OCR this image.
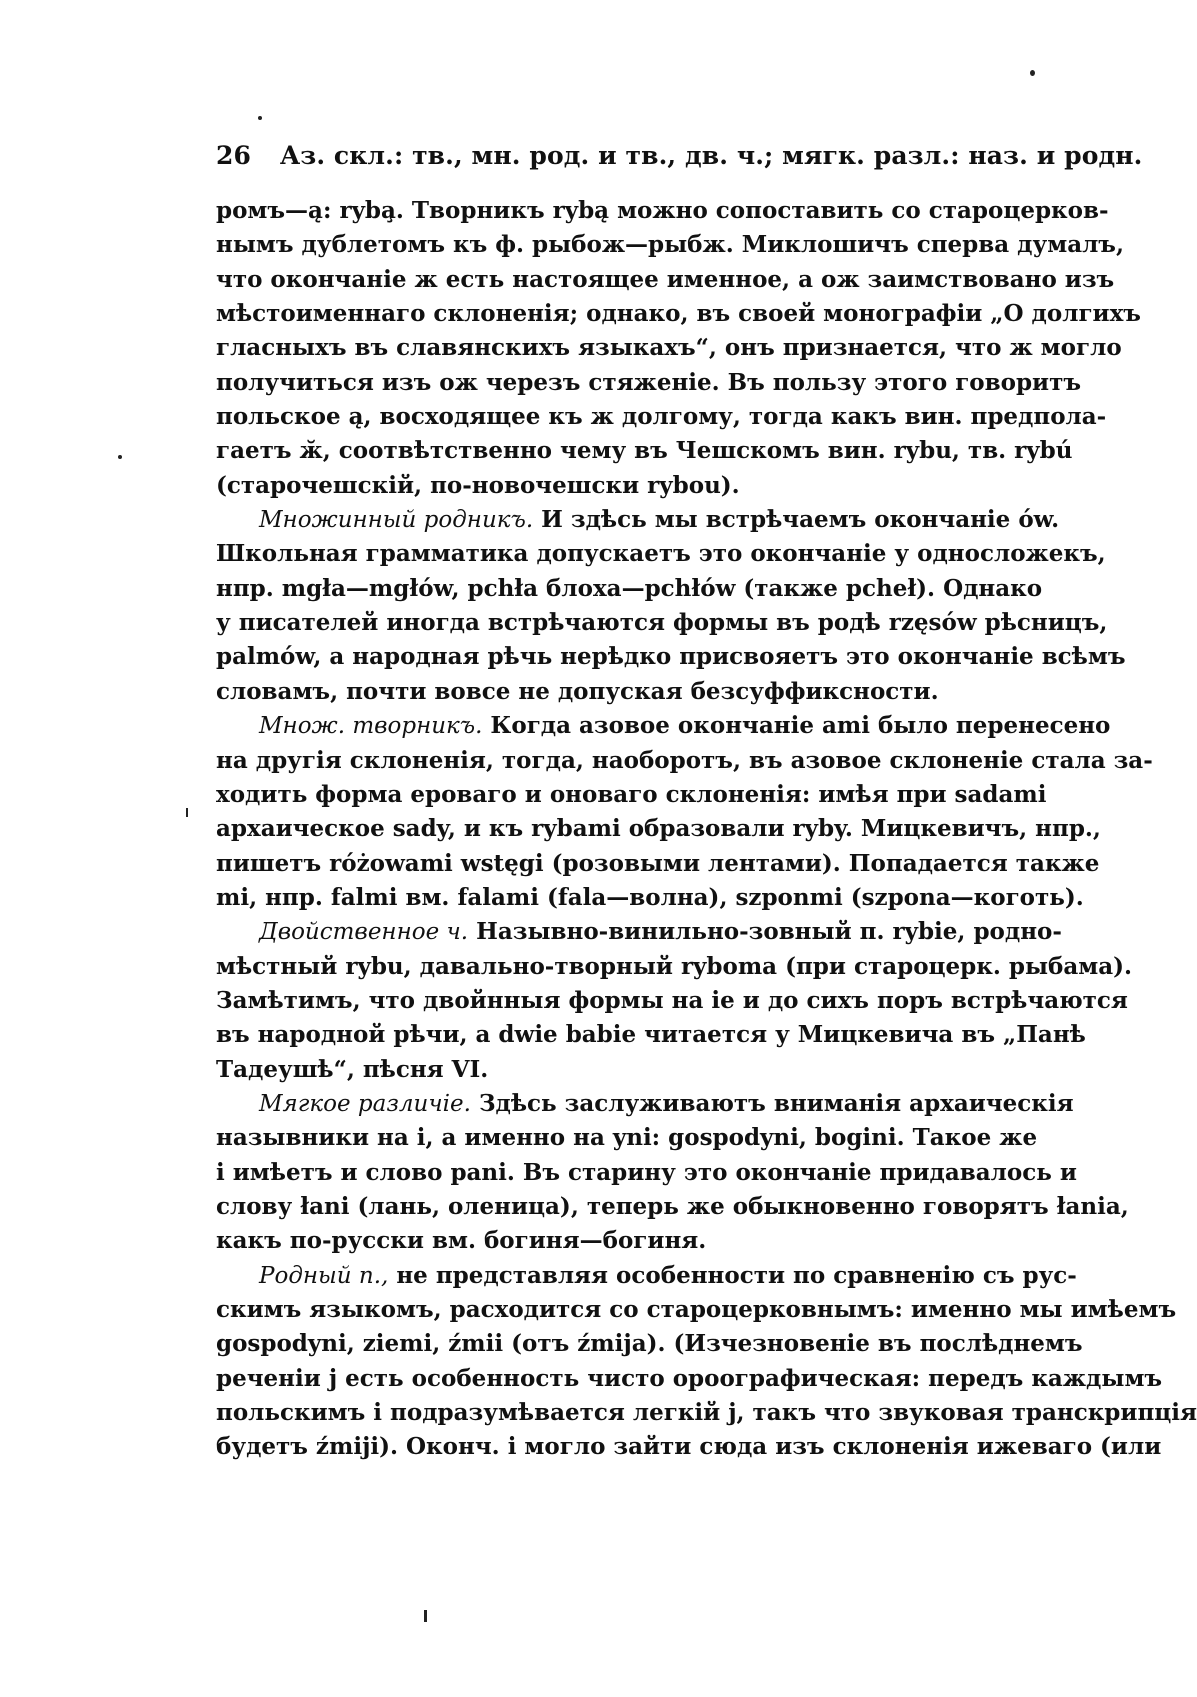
26 Аз. скл.: тв., мн. род. и тв., дв. ч.; мягк. разл.: наз. и родн.
ромъ—ą: ryba̧. Творникъ rybą можно сопоставить со староцерков-
нымъ дублетомъ къ ф. рыбож—рыбж. Миклошичъ сперва думалъ,
что окончаніе ж есть настоящее именное, а ож заимствовано изъ
мѣстоименнаго склоненія; однако, въ своей монографіи „О долгихъ
гласныхъ въ славянскихъ языкахъ“, онъ признается, что ж могло
получиться изъ ож черезъ стяженіе. Въ пользу этого говоритъ
польское ą, восходящее къ ж долгому, тогда какъ вин. предпола-
гаетъ ӂ, соотвѣтственно чему въ Чешскомъ вин. rybu, тв. rybú
(старочешскій, по-новочешски rybou).
Множинный родникъ. И здѣсь мы встрѣчаемъ окончаніе ów.
Школьная грамматика допускаетъ это окончаніе у односложекъ,
нпр. mgła—mgłów, pchła блоха—pchłów (также pcheł). Однако
у писателей иногда встрѣчаются формы въ родѣ rzęsów рѣсницъ,
palmów, а народная рѣчь нерѣдко присвояетъ это окончаніе всѣмъ
словамъ, почти вовсе не допуская безсуффиксности.
Множ. творникъ. Когда азовое окончаніе ami было перенесено
на другія склоненія, тогда, наоборотъ, въ азовое склоненіе стала за-
ходить форма ероваго и оноваго склоненія: имѣя при sadami
архаическое sady, и къ rybami образовали ryby. Мицкевичъ, нпр.,
пишетъ różowami wstęgi (розовыми лентами). Попадается также
mi, нпр. falmi вм. falami (fala—волна), szponmi (szpona—коготь).
Двойственное ч. Назывно-винильно-зовный п. rybie, родно-
мѣстный rybu, давально-творный ryboma (при староцерк. рыбама).
Замѣтимъ, что двойнныя формы на ie и до сихъ поръ встрѣчаются
въ народной рѣчи, а dwie babie читается у Мицкевича въ „Панѣ
Тадеушѣ“, пѣсня VI.
Мягкое различіе. Здѣсь заслуживаютъ вниманія архаическія
назывники на i, а именно на yni: gospodyni, bogini. Такое же
i имѣетъ и слово pani. Въ старину это окончаніе придавалось и
слову łani (лань, оленица), теперь же обыкновенно говорятъ łania,
какъ по-русски вм. богиня—богиня.
Родный п., не представляя особенности по сравненію съ рус-
скимъ языкомъ, расходится со староцерковнымъ: именно мы имѣемъ
gospodyni, ziemi, źmii (отъ źmija). (Изчезновеніе въ послѣднемъ
реченіи j есть особенность чисто ороографическая: передъ каждымъ
польскимъ i подразумѣвается легкій j, такъ что звуковая транскрипція
будетъ źmiji). Оконч. i могло зайти сюда изъ склоненія ижеваго (или
